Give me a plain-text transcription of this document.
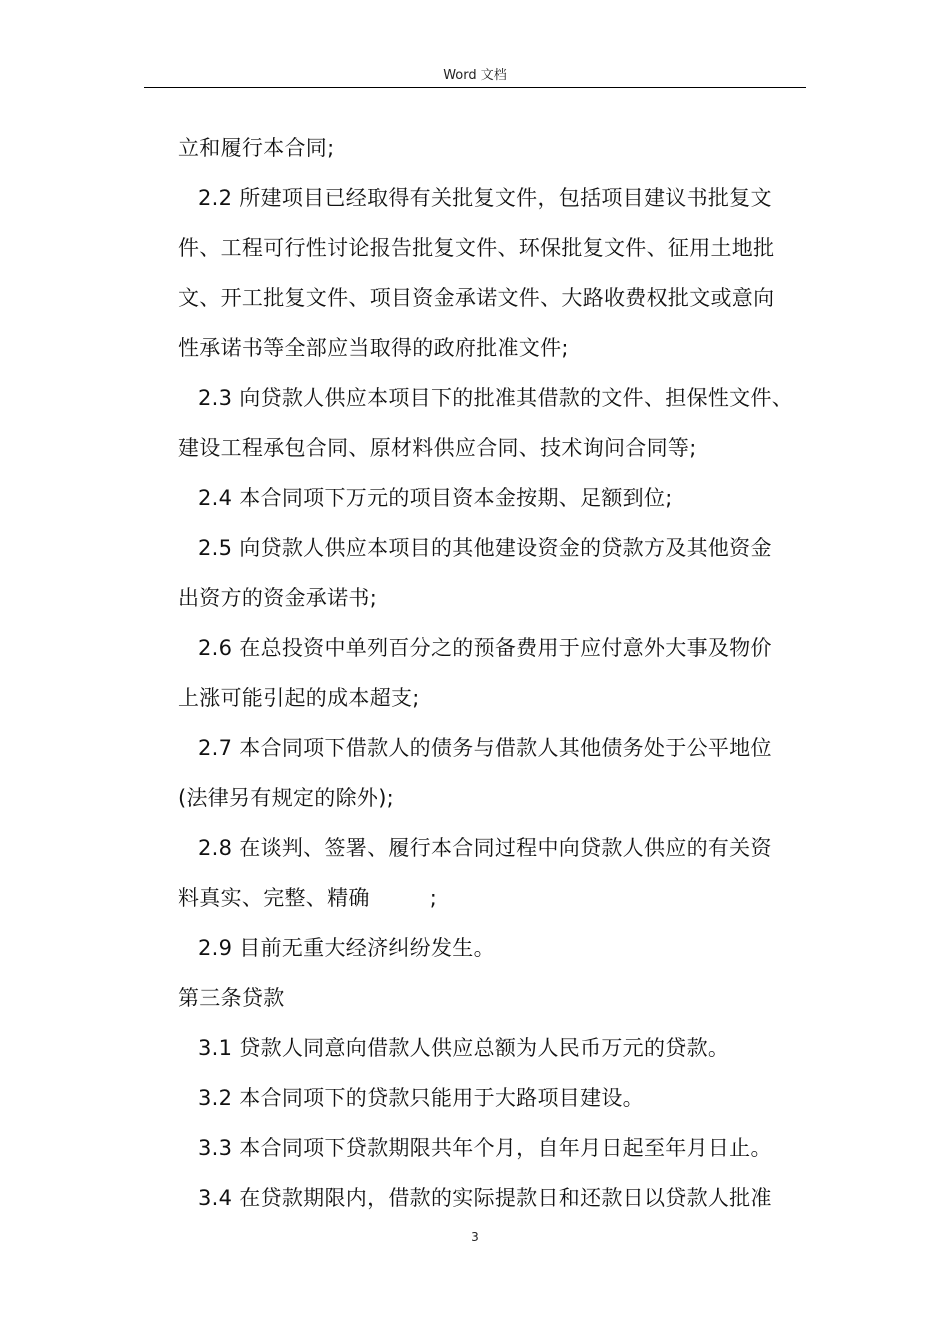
Word 文档
立和履行本合同;
2.2 所建项目已经取得有关批复文件，包括项目建议书批复文
件、工程可行性讨论报告批复文件、环保批复文件、征用土地批
文、开工批复文件、项目资金承诺文件、大路收费权批文或意向
性承诺书等全部应当取得的政府批准文件;
2.3 向贷款人供应本项目下的批准其借款的文件、担保性文件、
建设工程承包合同、原材料供应合同、技术询问合同等;
2.4 本合同项下万元的项目资本金按期、足额到位;
2.5 向贷款人供应本项目的其他建设资金的贷款方及其他资金
出资方的资金承诺书;
2.6 在总投资中单列百分之的预备费用于应付意外大事及物价
上涨可能引起的成本超支;
2.7 本合同项下借款人的债务与借款人其他债务处于公平地位
(法律另有规定的除外);
2.8 在谈判、签署、履行本合同过程中向贷款人供应的有关资
料真实、完整、精确	;
2.9 目前无重大经济纠纷发生。
第三条贷款
3.1 贷款人同意向借款人供应总额为人民币万元的贷款。
3.2 本合同项下的贷款只能用于大路项目建设。
3.3 本合同项下贷款期限共年个月，自年月日起至年月日止。
3.4 在贷款期限内，借款的实际提款日和还款日以贷款人批准
3
